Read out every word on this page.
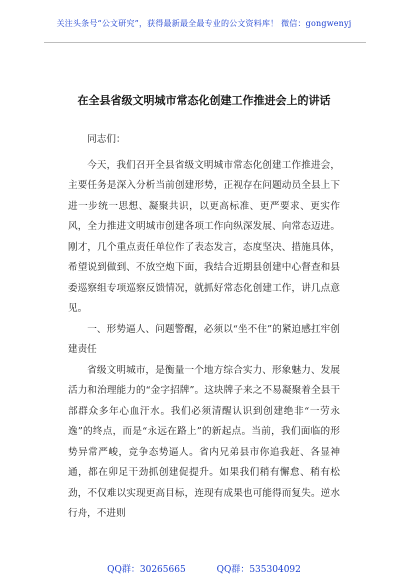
关注头条号“公文研究”，获得最新最全最专业的公文资料库！ 微信：gongwenyj
在全县省级文明城市常态化创建工作推进会上的讲话

同志们：

今天，我们召开全县省级文明城市常态化创建工作推进会，主要任务是深入分析当前创建形势，正视存在问题动员全县上下进一步统一思想、凝聚共识，以更高标准、更严要求、更实作风，全力推进文明城市创建各项工作向纵深发展、向常态迈进。刚才，几个重点责任单位作了表态发言，态度坚决、措施具体，希望说到做到、不放空炮下面，我结合近期县创建中心督查和县委巡察组专项巡察反馈情况，就抓好常态化创建工作，讲几点意见。

一、形势逼人、问题警醒，必须以“坐不住”的紧迫感扛牢创建责任

省级文明城市，是衡量一个地方综合实力、形象魅力、发展活力和治理能力的“金字招牌”。这块牌子来之不易凝聚着全县干部群众多年心血汗水。我们必须清醒认识到创建绝非“一劳永逸”的终点，而是“永远在路上”的新起点。当前，我们面临的形势异常严峻，竞争态势逼人。省内兄弟县市你追我赶、各显神通，都在卯足干劲抓创建促提升。如果我们稍有懈怠、稍有松劲，不仅难以实现更高目标，连现有成果也可能得而复失。逆水行舟，不进则

QQ群：30265665	QQ群：535304092
